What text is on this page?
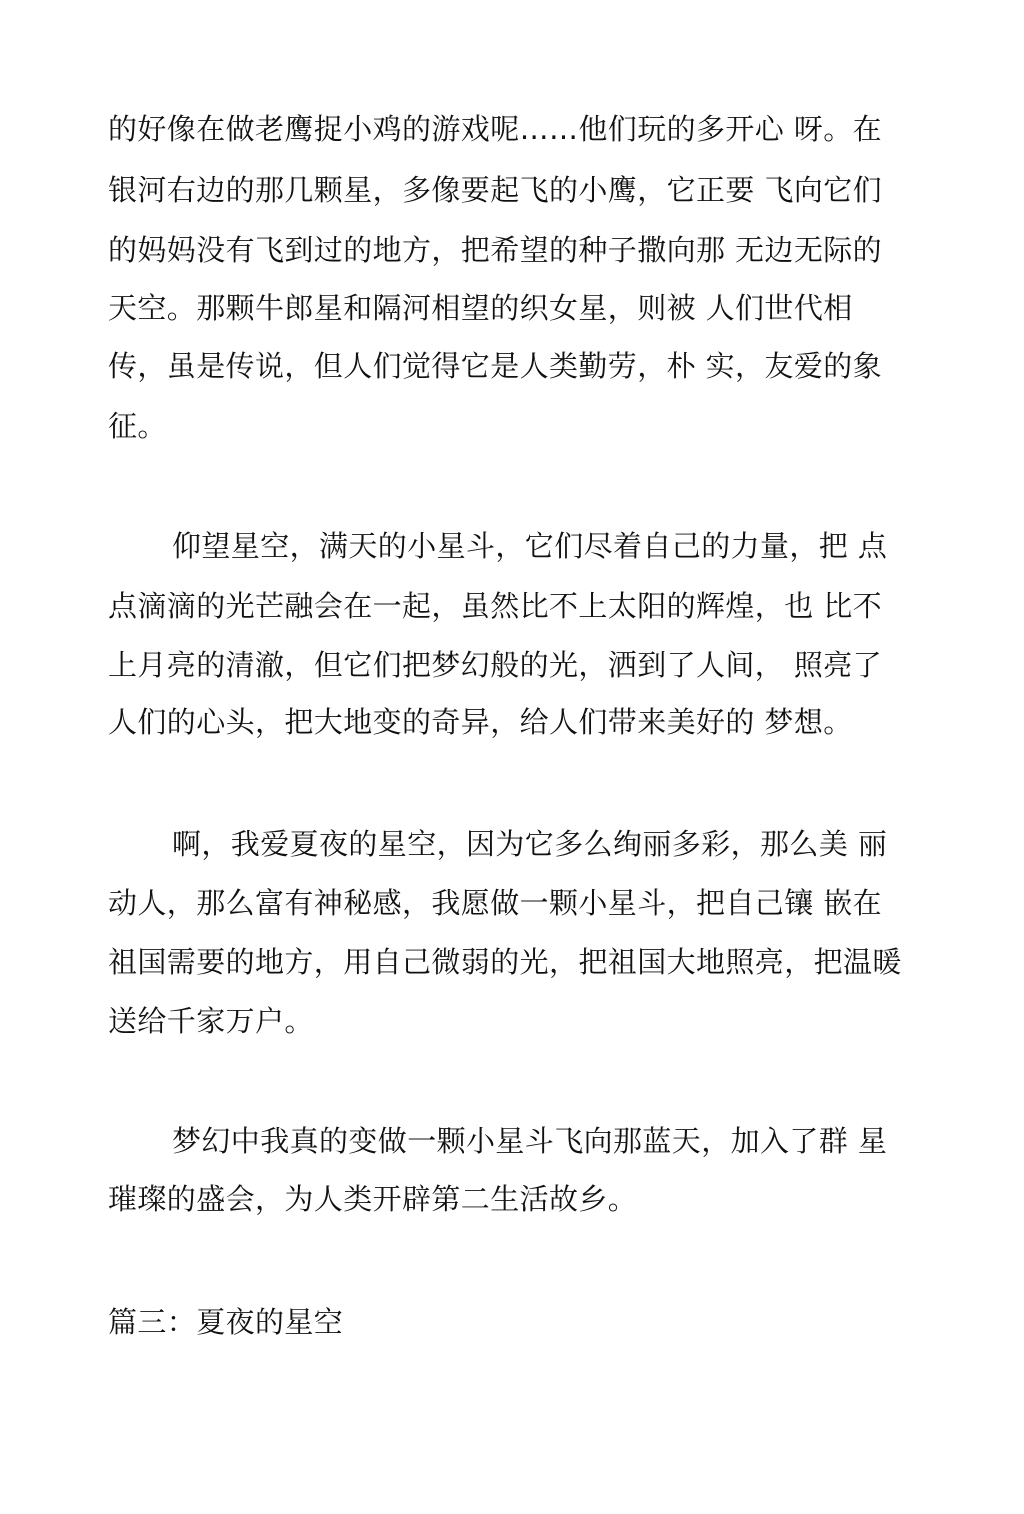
的好像在做老鹰捉小鸡的游戏呢……他们玩的多开心 呀。在
银河右边的那几颗星，多像要起飞的小鹰，它正要 飞向它们
的妈妈没有飞到过的地方，把希望的种子撒向那 无边无际的
天空。那颗牛郎星和隔河相望的织女星，则被 人们世代相
传，虽是传说，但人们觉得它是人类勤劳，朴 实，友爱的象
征。
仰望星空，满天的小星斗，它们尽着自己的力量，把 点
点滴滴的光芒融会在一起，虽然比不上太阳的辉煌，也 比不
上月亮的清澈，但它们把梦幻般的光，洒到了人间， 照亮了
人们的心头，把大地变的奇异，给人们带来美好的 梦想。
啊，我爱夏夜的星空，因为它多么绚丽多彩，那么美 丽
动人，那么富有神秘感，我愿做一颗小星斗，把自己镶 嵌在
祖国需要的地方，用自己微弱的光，把祖国大地照亮，把温暖
送给千家万户。
梦幻中我真的变做一颗小星斗飞向那蓝天，加入了群 星
璀璨的盛会，为人类开辟第二生活故乡。
篇三：夏夜的星空
